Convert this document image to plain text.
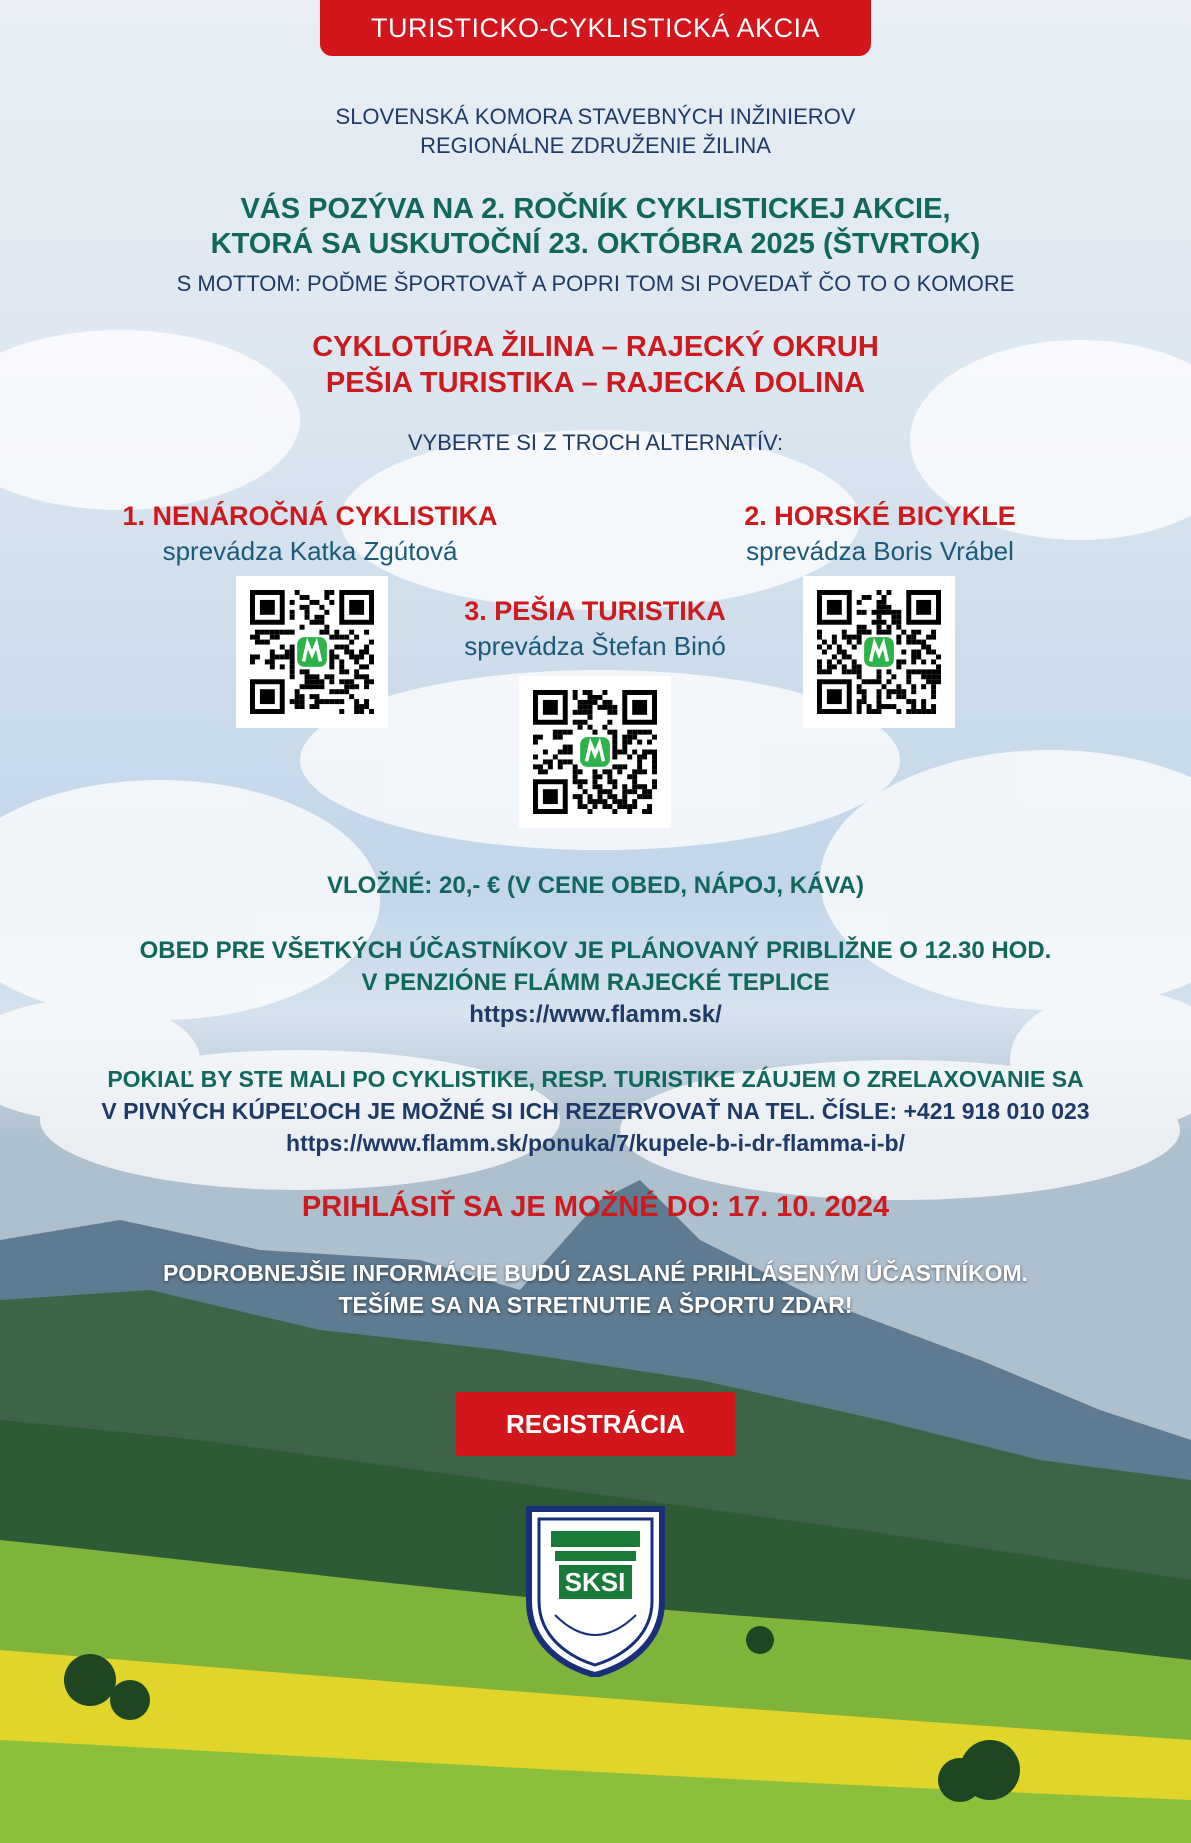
TURISTICKO-CYKLISTICKÁ AKCIA

SLOVENSKÁ KOMORA STAVEBNÝCH INŽINIEROV

REGIONÁLNE ZDRUŽENIE ŽILINA

VÁS POZÝVA NA 2. ROČNÍK CYKLISTICKEJ AKCIE,

KTORÁ SA USKUTOČNÍ 23. OKTÓBRA 2025 (ŠTVRTOK)

S MOTTOM: POĎME ŠPORTOVAŤ A POPRI TOM SI POVEDAŤ ČO TO O KOMORE

CYKLOTÚRA ŽILINA – RAJECKÝ OKRUH

PEŠIA TURISTIKA – RAJECKÁ DOLINA

VYBERTE SI Z TROCH ALTERNATÍV:

1. NENÁROČNÁ CYKLISTIKA

sprevádza Katka Zgútová

2. HORSKÉ BICYKLE

sprevádza Boris Vrábel

3. PEŠIA TURISTIKA

sprevádza Štefan Binó

VLOŽNÉ: 20,- € (V CENE OBED, NÁPOJ, KÁVA)

OBED PRE VŠETKÝCH ÚČASTNÍKOV JE PLÁNOVANÝ PRIBLIŽNE O 12.30 HOD.

V PENZIÓNE FLÁMM RAJECKÉ TEPLICE

https://www.flamm.sk/

POKIAĽ BY STE MALI PO CYKLISTIKE, RESP. TURISTIKE ZÁUJEM O ZRELAXOVANIE SA

V PIVNÝCH KÚPEĽOCH JE MOŽNÉ SI ICH REZERVOVAŤ NA TEL. ČÍSLE: +421 918 010 023

https://www.flamm.sk/ponuka/7/kupele-b-i-dr-flamma-i-b/

PRIHLÁSIŤ SA JE MOŽNÉ DO: 17. 10. 2024

PODROBNEJŠIE INFORMÁCIE BUDÚ ZASLANÉ PRIHLÁSENÝM ÚČASTNÍKOM.

TEŠÍME SA NA STRETNUTIE A ŠPORTU ZDAR!

REGISTRÁCIA
SKSI
